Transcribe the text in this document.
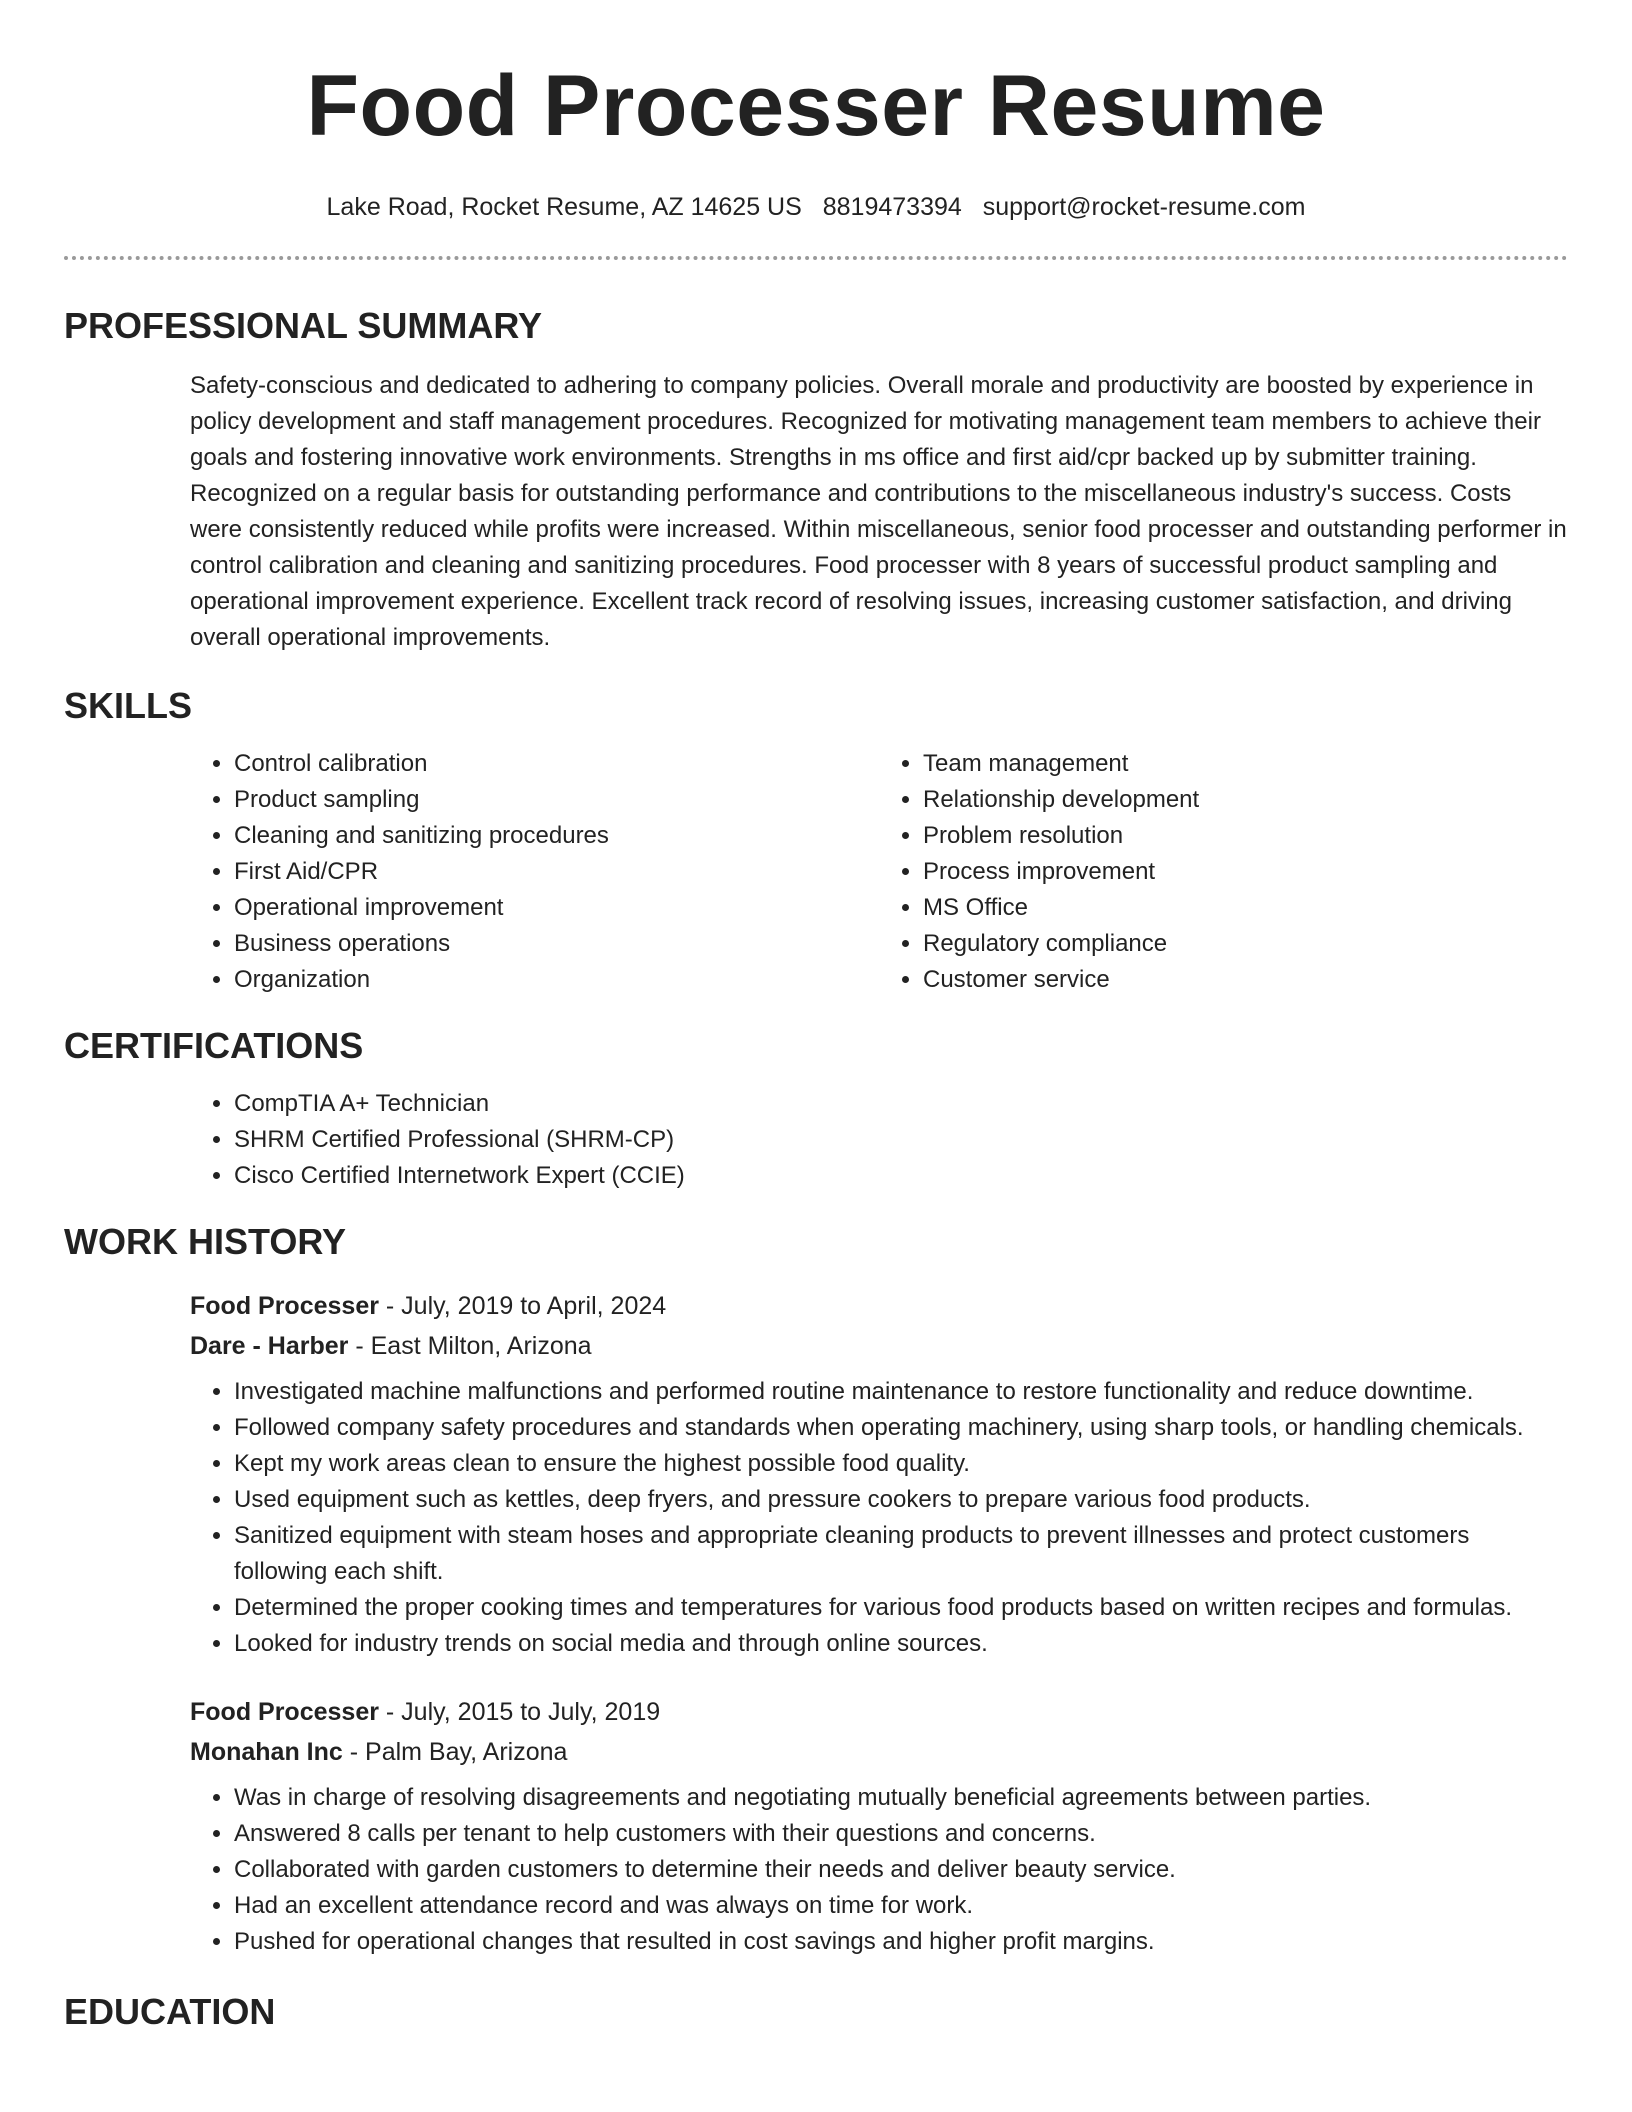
Food Processer Resume
Lake Road, Rocket Resume, AZ 14625 US 8819473394 support@rocket-resume.com
PROFESSIONAL SUMMARY

Safety-conscious and dedicated to adhering to company policies. Overall morale and productivity are boosted by experience in policy development and staff management procedures. Recognized for motivating management team members to achieve their goals and fostering innovative work environments. Strengths in ms office and first aid/cpr backed up by submitter training. Recognized on a regular basis for outstanding performance and contributions to the miscellaneous industry's success. Costs were consistently reduced while profits were increased. Within miscellaneous, senior food processer and outstanding performer in control calibration and cleaning and sanitizing procedures. Food processer with 8 years of successful product sampling and operational improvement experience. Excellent track record of resolving issues, increasing customer satisfaction, and driving overall operational improvements.

SKILLS
• Control calibration
• Product sampling
• Cleaning and sanitizing procedures
• First Aid/CPR
• Operational improvement
• Business operations
• Organization
• Team management
• Relationship development
• Problem resolution
• Process improvement
• MS Office
• Regulatory compliance
• Customer service
CERTIFICATIONS
• CompTIA A+ Technician
• SHRM Certified Professional (SHRM-CP)
• Cisco Certified Internetwork Expert (CCIE)
WORK HISTORY
Food Processer - July, 2019 to April, 2024
Dare - Harber - East Milton, Arizona
• Investigated machine malfunctions and performed routine maintenance to restore functionality and reduce downtime.
• Followed company safety procedures and standards when operating machinery, using sharp tools, or handling chemicals.
• Kept my work areas clean to ensure the highest possible food quality.
• Used equipment such as kettles, deep fryers, and pressure cookers to prepare various food products.
• Sanitized equipment with steam hoses and appropriate cleaning products to prevent illnesses and protect customers following each shift.
• Determined the proper cooking times and temperatures for various food products based on written recipes and formulas.
• Looked for industry trends on social media and through online sources.
Food Processer - July, 2015 to July, 2019
Monahan Inc - Palm Bay, Arizona
• Was in charge of resolving disagreements and negotiating mutually beneficial agreements between parties.
• Answered 8 calls per tenant to help customers with their questions and concerns.
• Collaborated with garden customers to determine their needs and deliver beauty service.
• Had an excellent attendance record and was always on time for work.
• Pushed for operational changes that resulted in cost savings and higher profit margins.
EDUCATION
